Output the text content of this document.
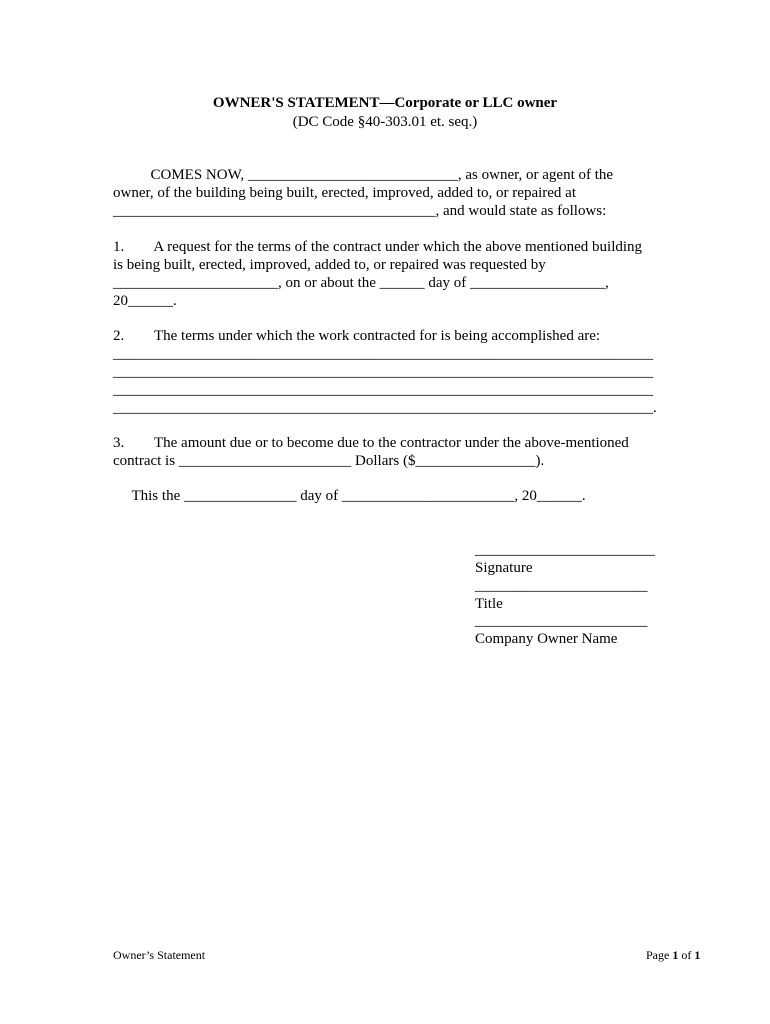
OWNER'S STATEMENT—Corporate or LLC owner
(DC Code §40-303.01 et. seq.)

COMES NOW, ____________________________, as owner, or agent of the

owner, of the building being built, erected, improved, added to, or repaired at

___________________________________________, and would state as follows:

1.        A request for the terms of the contract under which the above mentioned building

is being built, erected, improved, added to, or repaired was requested by

______________________, on or about the ______ day of __________________,

20______.

2.        The terms under which the work contracted for is being accomplished are:

________________________________________________________________________

________________________________________________________________________

________________________________________________________________________

________________________________________________________________________.

3.        The amount due or to become due to the contractor under the above-mentioned

contract is _______________________ Dollars ($________________).

This the _______________ day of _______________________, 20______.

________________________
Signature
_______________________
Title
_______________________
Company Owner Name
Owner’s Statement	Page 1 of 1
